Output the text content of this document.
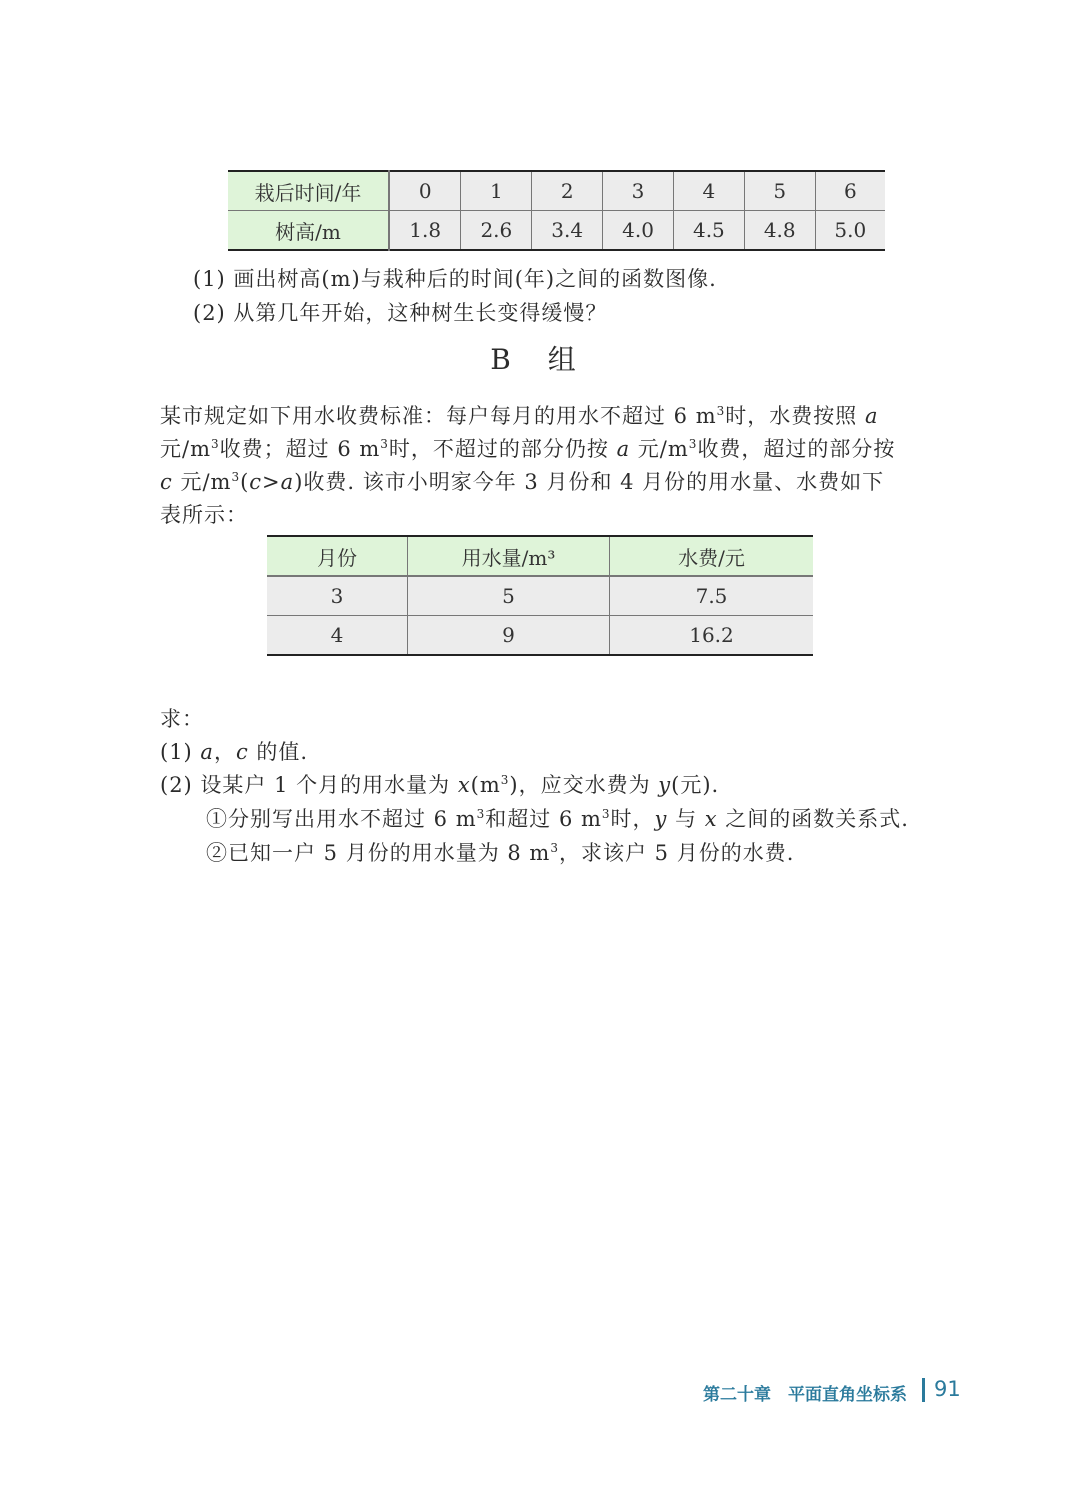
栽后时间/年	0	1	2	3	4	5	6
树高/m	1.8	2.6	3.4	4.0	4.5	4.8	5.0
(1) 画出树高(m)与栽种后的时间(年)之间的函数图像.
(2) 从第几年开始，这种树生长变得缓慢？
B 组
某市规定如下用水收费标准：每户每月的用水不超过 6 $m^3$时，水费按照 a
元$/m^3$收费；超过 6 $m^3$时，不超过的部分仍按 a 元$/m^3$收费，超过的部分按
c 元$/m^3(c>a)$收费. 该市小明家今年 3 月份和 4 月份的用水量、水费如下
表所示：
月份	用水量/m³	水费/元
3	5	7.5
4	9	16.2
求：
(1) a，c 的值.
(2) 设某户 1 个月的用水量为 $x(m^3)$，应交水费为 y(元).
①分别写出用水不超过 6 $m^3$和超过 6 $m^3$时，y 与 x 之间的函数关系式.
②已知一户 5 月份的用水量为 8 $m^3$，求该户 5 月份的水费.
第二十章　平面直角坐标系 91
